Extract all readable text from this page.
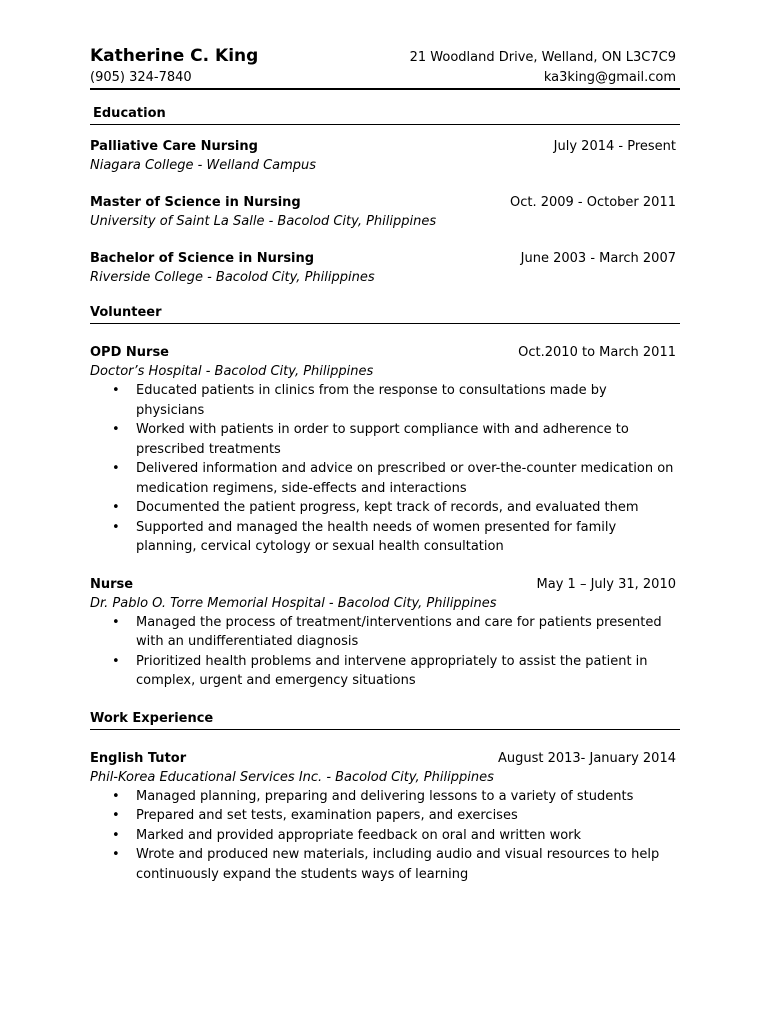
Katherine C. King	21 Woodland Drive, Welland, ON L3C7C9
(905) 324-7840	ka3king@gmail.com
Education
Palliative Care Nursing	July 2014 - Present
Niagara College - Welland Campus
Master of Science in Nursing	Oct. 2009 - October 2011
University of Saint La Salle - Bacolod City, Philippines
Bachelor of Science in Nursing	June 2003 - March 2007
Riverside College - Bacolod City, Philippines
Volunteer
OPD Nurse	Oct.2010 to March 2011
Doctor’s Hospital - Bacolod City, Philippines
• Educated patients in clinics from the response to consultations made by physicians
• Worked with patients in order to support compliance with and adherence to prescribed treatments
• Delivered information and advice on prescribed or over-the-counter medication on medication regimens, side-effects and interactions
• Documented the patient progress, kept track of records, and evaluated them
• Supported and managed the health needs of women presented for family planning, cervical cytology or sexual health consultation
Nurse	May 1 – July 31, 2010
Dr. Pablo O. Torre Memorial Hospital - Bacolod City, Philippines
• Managed the process of treatment/interventions and care for patients presented with an undifferentiated diagnosis
• Prioritized health problems and intervene appropriately to assist the patient in complex, urgent and emergency situations
Work Experience
English Tutor	August 2013- January 2014
Phil-Korea Educational Services Inc. - Bacolod City, Philippines
• Managed planning, preparing and delivering lessons to a variety of students
• Prepared and set tests, examination papers, and exercises
• Marked and provided appropriate feedback on oral and written work
• Wrote and produced new materials, including audio and visual resources to help continuously expand the students ways of learning
